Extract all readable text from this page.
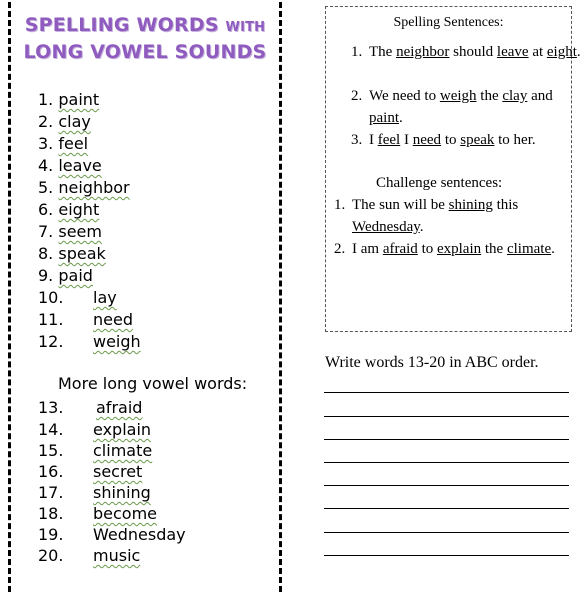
SPELLING WORDS WITH
LONG VOWEL SOUNDS
1. paint
2. clay
3. feel
4. leave
5. neighbor
6. eight
7. seem
8. speak
9. paid
10. lay
11. need
12. weigh
More long vowel words:
13. afraid
14. explain
15. climate
16. secret
17. shining
18. become
19. Wednesday
20. music
Spelling Sentences:
1. The neighbor should leave at eight.
2. We need to weigh the clay and paint.
3. I feel I need to speak to her.
Challenge sentences:
1. The sun will be shining this Wednesday.
2. I am afraid to explain the climate.
Write words 13-20 in ABC order.
